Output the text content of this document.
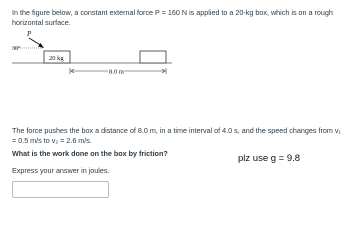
In the figure below, a constant external force P = 160 N is applied to a 20-kg box, which is on a rough horizontal surface.
P
30°
20 kg
8.0 m
The force pushes the box a distance of 8.0 m, in a time interval of 4.0 s, and the speed changes from v₁ = 0.5 m/s to v₂ = 2.6 m/s.
What is the work done on the box by friction?
Express your answer in joules.
plz use g = 9.8
